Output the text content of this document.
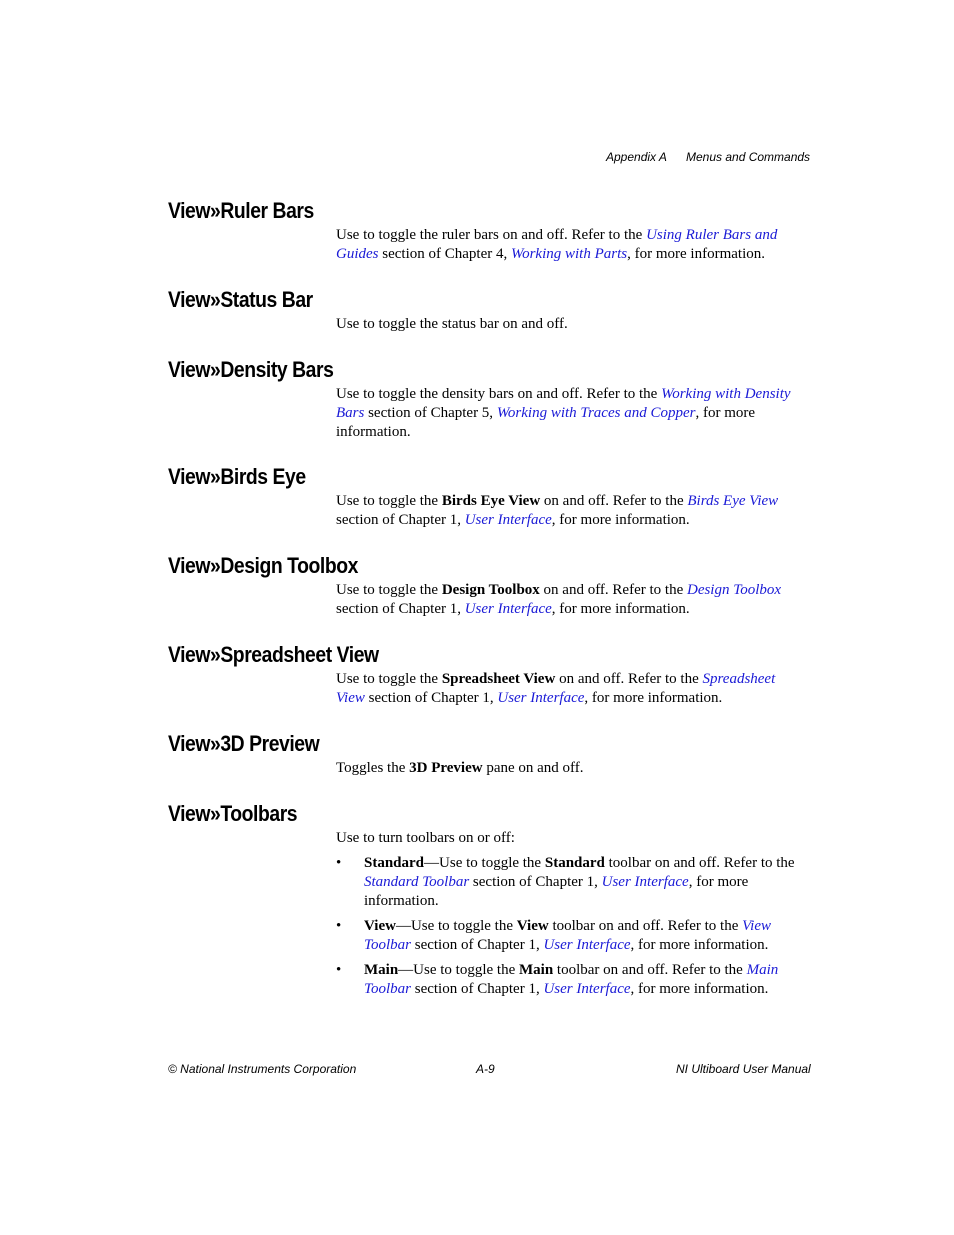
Appendix A Menus and Commands
View»Ruler Bars
Use to toggle the ruler bars on and off. Refer to the Using Ruler Bars and Guides section of Chapter 4, Working with Parts, for more information.
View»Status Bar
Use to toggle the status bar on and off.
View»Density Bars
Use to toggle the density bars on and off. Refer to the Working with Density Bars section of Chapter 5, Working with Traces and Copper, for more information.
View»Birds Eye
Use to toggle the Birds Eye View on and off. Refer to the Birds Eye View section of Chapter 1, User Interface, for more information.
View»Design Toolbox
Use to toggle the Design Toolbox on and off. Refer to the Design Toolbox section of Chapter 1, User Interface, for more information.
View»Spreadsheet View
Use to toggle the Spreadsheet View on and off. Refer to the Spreadsheet View section of Chapter 1, User Interface, for more information.
View»3D Preview
Toggles the 3D Preview pane on and off.
View»Toolbars
Use to turn toolbars on or off:
• Standard—Use to toggle the Standard toolbar on and off. Refer to the Standard Toolbar section of Chapter 1, User Interface, for more information.
• View—Use to toggle the View toolbar on and off. Refer to the View Toolbar section of Chapter 1, User Interface, for more information.
• Main—Use to toggle the Main toolbar on and off. Refer to the Main Toolbar section of Chapter 1, User Interface, for more information.
© National Instruments Corporation	A-9	NI Ultiboard User Manual
